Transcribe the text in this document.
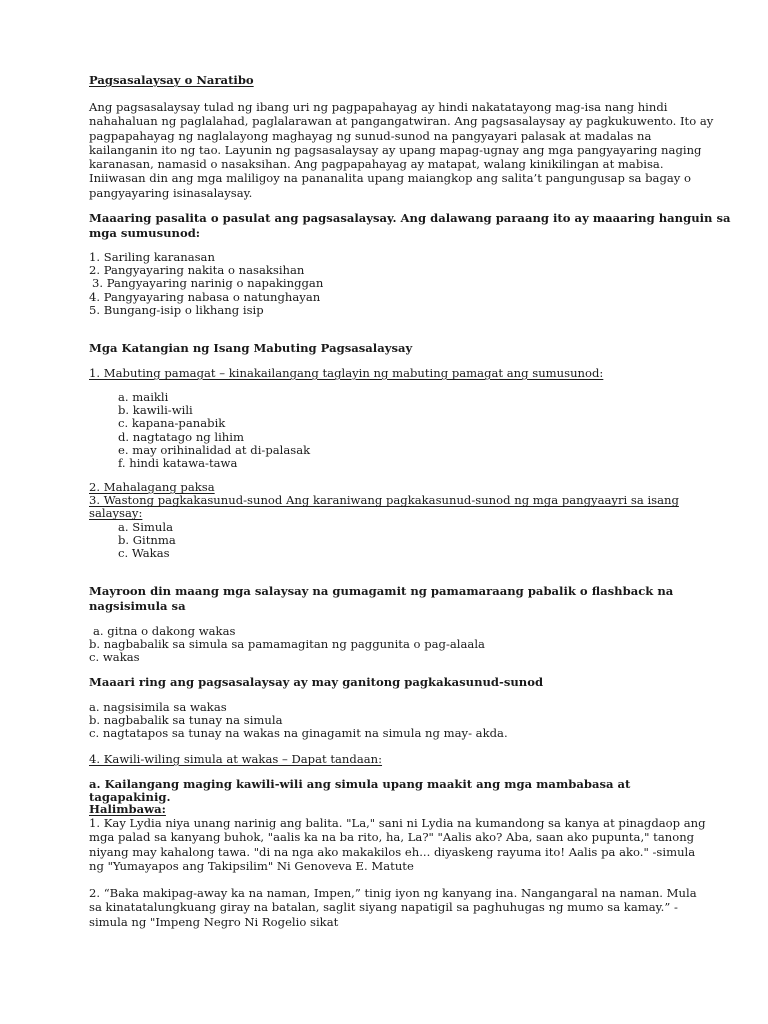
Pagsasalaysay o Naratibo

Ang pagsasalaysay tulad ng ibang uri ng pagpapahayag ay hindi nakatatayong mag-isa nang hindi
nahahaluan ng paglalahad, paglalarawan at pangangatwiran. Ang pagsasalaysay ay pagkukuwento. Ito ay
pagpapahayag ng naglalayong maghayag ng sunud-sunod na pangyayari palasak at madalas na
kailanganin ito ng tao. Layunin ng pagsasalaysay ay upang mapag-ugnay ang mga pangyayaring naging
karanasan, namasid o nasaksihan. Ang pagpapahayag ay matapat, walang kinikilingan at mabisa.
Iniiwasan din ang mga maliligoy na pananalita upang maiangkop ang salita’t pangungusap sa bagay o
pangyayaring isinasalaysay.
Maaaring pasalita o pasulat ang pagsasalaysay. Ang dalawang paraang ito ay maaaring hanguin sa
mga sumusunod:
1. Sariling karanasan
2. Pangyayaring nakita o nasaksihan
3. Pangyayaring narinig o napakinggan
4. Pangyayaring nabasa o natunghayan
5. Bungang-isip o likhang isip

Mga Katangian ng Isang Mabuting Pagsasalaysay

1. Mabuting pamagat – kinakailangang taglayin ng mabuting pamagat ang sumusunod:

a. maikli
b. kawili-wili
c. kapana-panabik
d. nagtatago ng lihim
e. may orihinalidad at di-palasak
f. hindi katawa-tawa
2. Mahalagang paksa
3. Wastong pagkakasunud-sunod Ang karaniwang pagkakasunud-sunod ng mga pangyaayri sa isang
salaysay:
a. Simula
b. Gitnma
c. Wakas
Mayroon din maang mga salaysay na gumagamit ng pamamaraang pabalik o flashback na
nagsisimula sa
a. gitna o dakong wakas
b. nagbabalik sa simula sa pamamagitan ng paggunita o pag-alaala
c. wakas

Maaari ring ang pagsasalaysay ay may ganitong pagkakasunud-sunod

a. nagsisimila sa wakas
b. nagbabalik sa tunay na simula
c. nagtatapos sa tunay na wakas na ginagamit na simula ng may- akda.

4. Kawili-wiling simula at wakas – Dapat tandaan:

a. Kailangang maging kawili-wili ang simula upang maakit ang mga mambabasa at tagapakinig.

Halimbawa:

1. Kay Lydia niya unang narinig ang balita. "La," sani ni Lydia na kumandong sa kanya at pinagdaop ang
mga palad sa kanyang buhok, "aalis ka na ba rito, ha, La?" "Aalis ako? Aba, saan ako pupunta," tanong
niyang may kahalong tawa. "di na nga ako makakilos eh... diyaskeng rayuma ito! Aalis pa ako." -simula
ng "Yumayapos ang Takipsilim" Ni Genoveva E. Matute
2. “Baka makipag-away ka na naman, Impen,” tinig iyon ng kanyang ina. Nangangaral na naman. Mula
sa kinatatalungkuang giray na batalan, saglit siyang napatigil sa paghuhugas ng mumo sa kamay.” -
simula ng "Impeng Negro Ni Rogelio sikat
